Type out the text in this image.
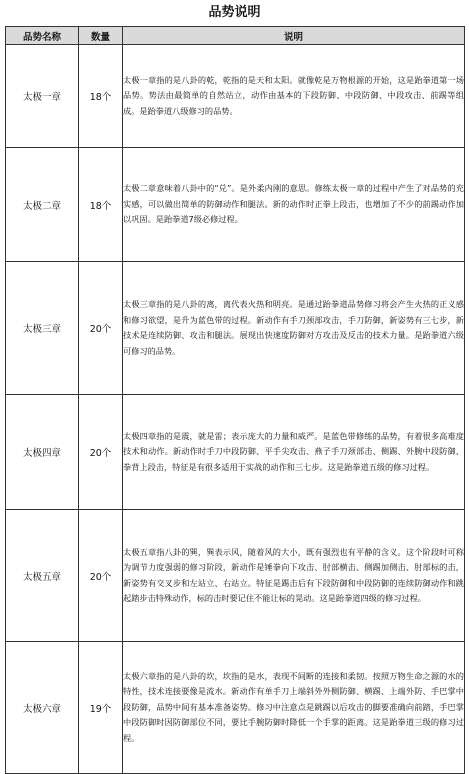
品势说明
品势名称	数量	说明
太极一章	18个	太极一章指的是八卦的乾，乾指的是天和太阳。就像乾是万物根源的开始，这是跆拳道第一场品势。势法由最简单的自然站立，动作由基本的下段防御、中段防御、中段攻击、前踢等组成。是跆拳道八级修习的品势。
太极二章	18个	太极二章意味着八卦中的“兑”。是外柔内刚的意思。修练太极一章的过程中产生了对品势的充实感，可以做出简单的防御动作和腿法。新的动作时正拳上段击，也增加了不少的前踢动作加以巩固。是跆拳道7级必修过程。
太极三章	20个	太极三章指的是八卦的离，离代表火热和明亮。是通过跆拳道品势修习将会产生火热的正义感和修习欲望，是升为蓝色带的过程。新动作有手刀颈部攻击，手刀防御，新姿势有三七步，新技术是连续防御、攻击和腿法。展现出快速度防御对方攻击及反击的技术力量。是跆拳道六级可修习的品势。
太极四章	20个	太极四章指的是震，就是雷；表示庞大的力量和威严。是蓝色带修练的品势，有着很多高难度技术和动作。新动作时手刀中段防御、平手尖攻击、燕子手刀颈部击、侧踢、外腕中段防御、拳背上段击，特征是有很多适用于实战的动作和三七步。这是跆拳道五级的修习过程。
太极五章	20个	太极五章指八卦的巽，巽表示风，随着风的大小，既有强烈也有平静的含义。这个阶段时可称为调节力度强弱的修习阶段，新动作是锤拳向下攻击、肘部横击、侧踢加侧击、肘部标的击，新姿势有交叉步和左站立、右站立。特征是踢击后有下段防御和中段防御的连续防御动作和跳起踏步击特殊动作，标的击时要记住不能让标的晃动。这是跆拳道四级的修习过程。
太极六章	19个	太极六章指的是八卦的坎，坎指的是水，表现不间断的连接和柔韧。按照万物生命之源的水的特性，技术连接要像是流水。新动作有单手刀上端斜外外侧防御、横踢、上端外防、手巴掌中段防御，品势中间有基本准备姿势。修习中注意点是跳踢以后攻击的脚要准确向前踏，手巴掌中段防御时因防御部位不同，要比手腕防御时降低一个手掌的距离。这是跆拳道三级的修习过程。
